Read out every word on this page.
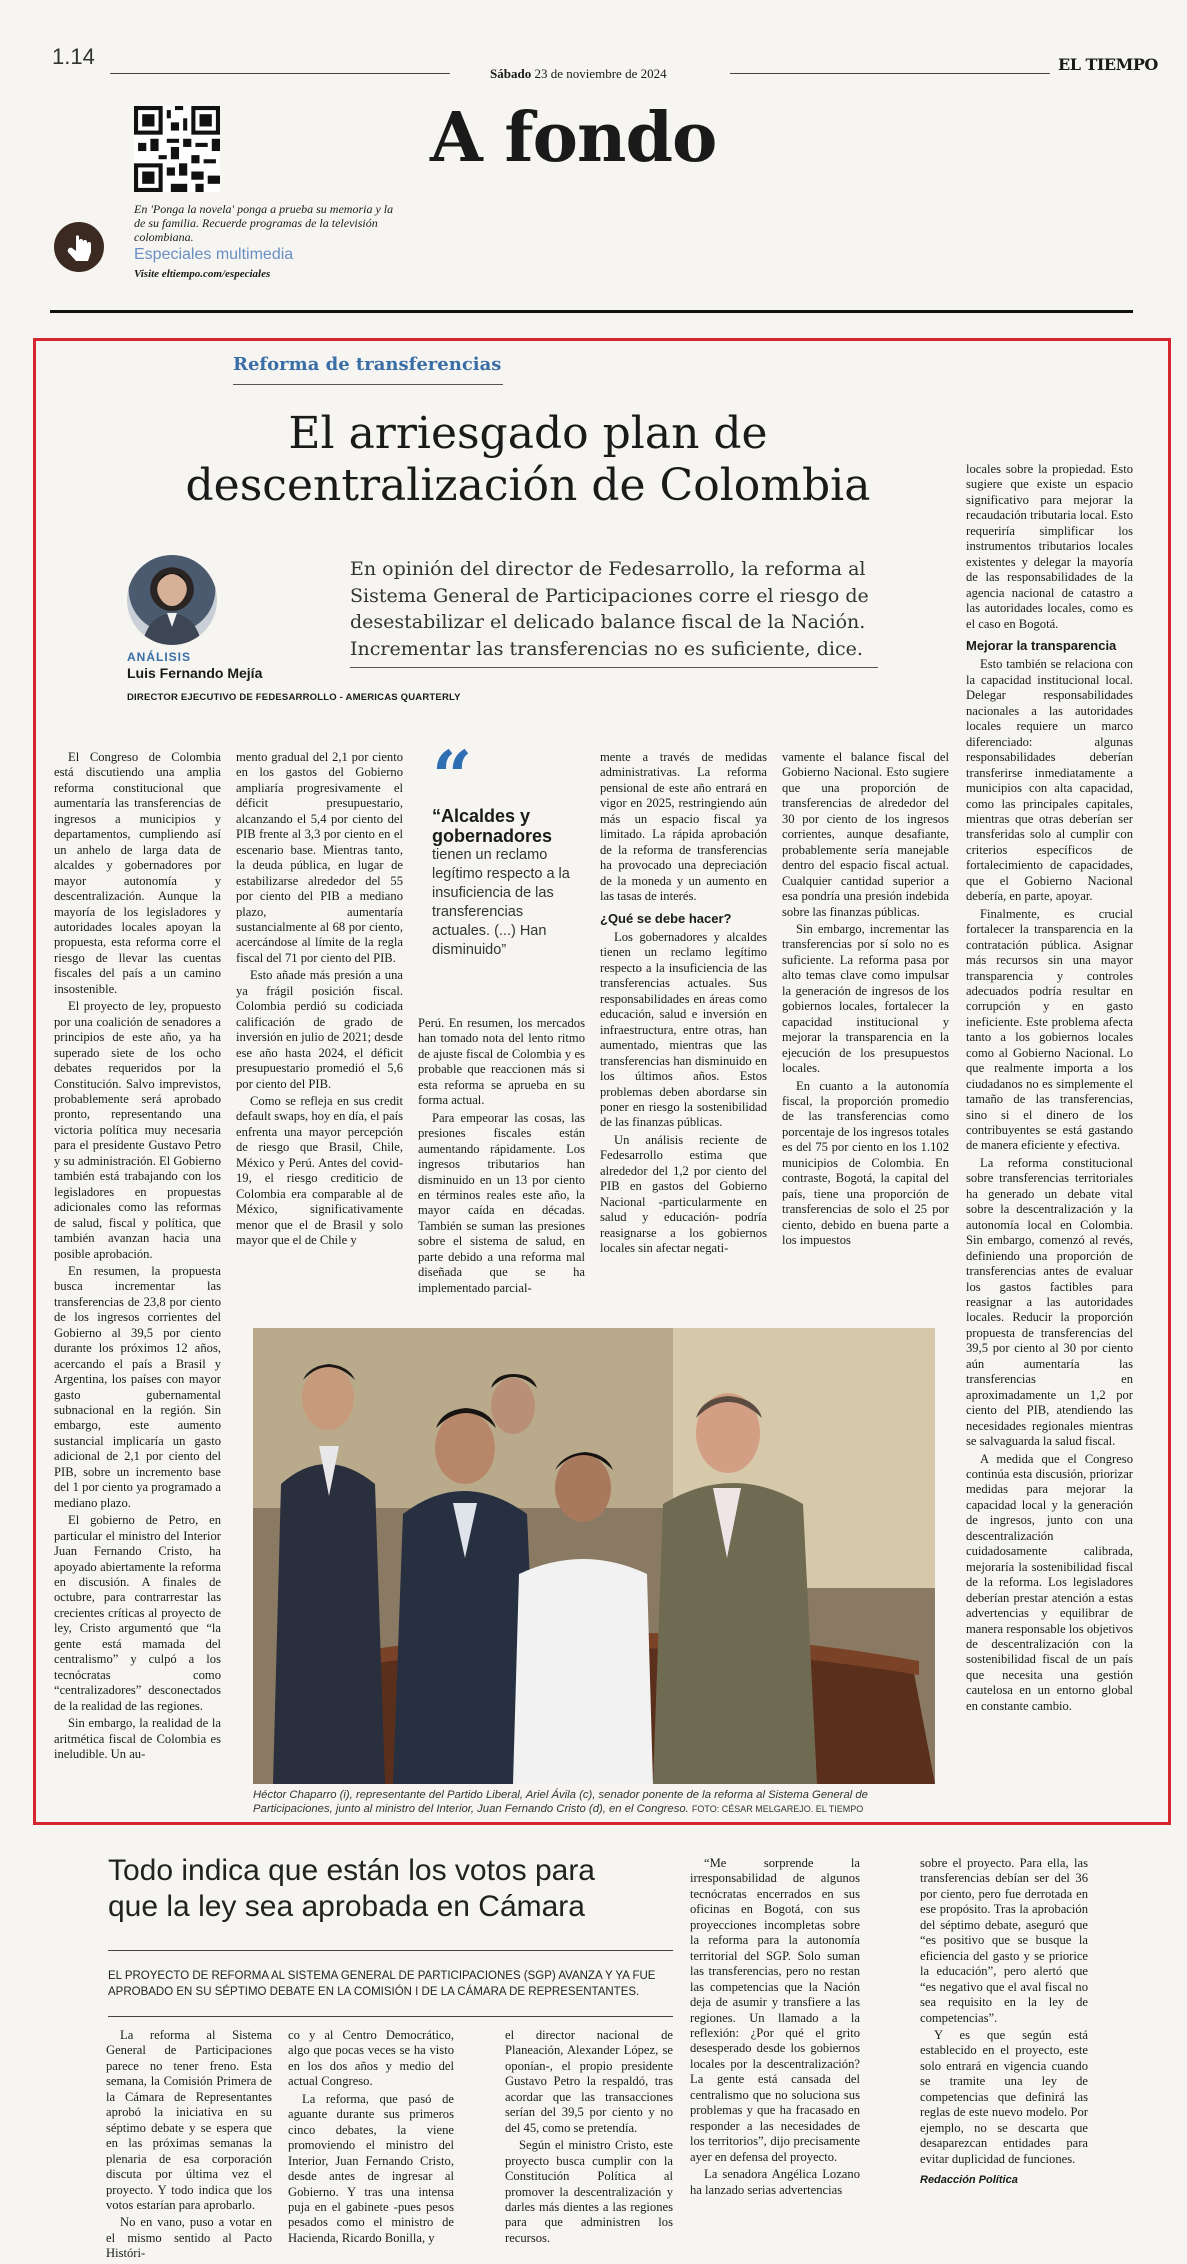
1.14
Sábado 23 de noviembre de 2024	EL TIEMPO
A fondo
En 'Ponga la novela' ponga a prueba su memoria y la de su familia. Recuerde programas de la televisión colombiana.
Especiales multimedia
Visite eltiempo.com/especiales
Reforma de transferencias
El arriesgado plan de
descentralización de Colombia
ANÁLISIS
Luis Fernando Mejía
En opinión del director de Fedesarrollo, la reforma al Sistema General de Participaciones corre el riesgo de desestabilizar el delicado balance fiscal de la Nación. Incrementar las transferencias no es suficiente, dice.
DIRECTOR EJECUTIVO DE FEDESARROLLO - AMERICAS QUARTERLY

El Congreso de Colombia está discutiendo una amplia reforma constitucional que aumentaría las transferencias de ingresos a municipios y departamentos, cumpliendo así un anhelo de larga data de alcaldes y gobernadores por mayor autonomía y descentralización. Aunque la mayoría de los legisladores y autoridades locales apoyan la propuesta, esta reforma corre el riesgo de llevar las cuentas fiscales del país a un camino insostenible.

El proyecto de ley, propuesto por una coalición de senadores a principios de este año, ya ha superado siete de los ocho debates requeridos por la Constitución. Salvo imprevistos, probablemente será aprobado pronto, representando una victoria política muy necesaria para el presidente Gustavo Petro y su administración. El Gobierno también está trabajando con los legisladores en propuestas adicionales como las reformas de salud, fiscal y política, que también avanzan hacia una posible aprobación.

En resumen, la propuesta busca incrementar las transferencias de 23,8 por ciento de los ingresos corrientes del Gobierno al 39,5 por ciento durante los próximos 12 años, acercando el país a Brasil y Argentina, los países con mayor gasto gubernamental subnacional en la región. Sin embargo, este aumento sustancial implicaría un gasto adicional de 2,1 por ciento del PIB, sobre un incremento base del 1 por ciento ya programado a mediano plazo.

El gobierno de Petro, en particular el ministro del Interior Juan Fernando Cristo, ha apoyado abiertamente la reforma en discusión. A finales de octubre, para contrarrestar las crecientes críticas al proyecto de ley, Cristo argumentó que “la gente está mamada del centralismo” y culpó a los tecnócratas como “centralizadores” desconectados de la realidad de las regiones.

Sin embargo, la realidad de la aritmética fiscal de Colombia es ineludible. Un au-

mento gradual del 2,1 por ciento en los gastos del Gobierno ampliaría progresivamente el déficit presupuestario, alcanzando el 5,4 por ciento del PIB frente al 3,3 por ciento en el escenario base. Mientras tanto, la deuda pública, en lugar de estabilizarse alrededor del 55 por ciento del PIB a mediano plazo, aumentaría sustancialmente al 68 por ciento, acercándose al límite de la regla fiscal del 71 por ciento del PIB.

Esto añade más presión a una ya frágil posición fiscal. Colombia perdió su codiciada calificación de grado de inversión en julio de 2021; desde ese año hasta 2024, el déficit presupuestario promedió el 5,6 por ciento del PIB.

Como se refleja en sus credit default swaps, hoy en día, el país enfrenta una mayor percepción de riesgo que Brasil, Chile, México y Perú. Antes del covid-19, el riesgo crediticio de Colombia era comparable al de México, significativamente menor que el de Brasil y solo mayor que el de Chile y

“
“Alcaldes y gobernadores
tienen un reclamo legítimo respecto a la insuficiencia de las transferencias actuales. (...) Han disminuido”

Perú. En resumen, los mercados han tomado nota del lento ritmo de ajuste fiscal de Colombia y es probable que reaccionen más si esta reforma se aprueba en su forma actual.

Para empeorar las cosas, las presiones fiscales están aumentando rápidamente. Los ingresos tributarios han disminuido en un 13 por ciento en términos reales este año, la mayor caída en décadas. También se suman las presiones sobre el sistema de salud, en parte debido a una reforma mal diseñada que se ha implementado parcial-

mente a través de medidas administrativas. La reforma pensional de este año entrará en vigor en 2025, restringiendo aún más un espacio fiscal ya limitado. La rápida aprobación de la reforma de transferencias ha provocado una depreciación de la moneda y un aumento en las tasas de interés.

¿Qué se debe hacer?

Los gobernadores y alcaldes tienen un reclamo legítimo respecto a la insuficiencia de las transferencias actuales. Sus responsabilidades en áreas como educación, salud e inversión en infraestructura, entre otras, han aumentado, mientras que las transferencias han disminuido en los últimos años. Estos problemas deben abordarse sin poner en riesgo la sostenibilidad de las finanzas públicas.

Un análisis reciente de Fedesarrollo estima que alrededor del 1,2 por ciento del PIB en gastos del Gobierno Nacional -particularmente en salud y educación- podría reasignarse a los gobiernos locales sin afectar negati-

vamente el balance fiscal del Gobierno Nacional. Esto sugiere que una proporción de transferencias de alrededor del 30 por ciento de los ingresos corrientes, aunque desafiante, probablemente sería manejable dentro del espacio fiscal actual. Cualquier cantidad superior a esa pondría una presión indebida sobre las finanzas públicas.

Sin embargo, incrementar las transferencias por sí solo no es suficiente. La reforma pasa por alto temas clave como impulsar la generación de ingresos de los gobiernos locales, fortalecer la capacidad institucional y mejorar la transparencia en la ejecución de los presupuestos locales.

En cuanto a la autonomía fiscal, la proporción promedio de las transferencias como porcentaje de los ingresos totales es del 75 por ciento en los 1.102 municipios de Colombia. En contraste, Bogotá, la capital del país, tiene una proporción de transferencias de solo el 25 por ciento, debido en buena parte a los impuestos

locales sobre la propiedad. Esto sugiere que existe un espacio significativo para mejorar la recaudación tributaria local. Esto requeriría simplificar los instrumentos tributarios locales existentes y delegar la mayoría de las responsabilidades de la agencia nacional de catastro a las autoridades locales, como es el caso en Bogotá.

Mejorar la transparencia

Esto también se relaciona con la capacidad institucional local. Delegar responsabilidades nacionales a las autoridades locales requiere un marco diferenciado: algunas responsabilidades deberían transferirse inmediatamente a municipios con alta capacidad, como las principales capitales, mientras que otras deberían ser transferidas solo al cumplir con criterios específicos de fortalecimiento de capacidades, que el Gobierno Nacional debería, en parte, apoyar.

Finalmente, es crucial fortalecer la transparencia en la contratación pública. Asignar más recursos sin una mayor transparencia y controles adecuados podría resultar en corrupción y en gasto ineficiente. Este problema afecta tanto a los gobiernos locales como al Gobierno Nacional. Lo que realmente importa a los ciudadanos no es simplemente el tamaño de las transferencias, sino si el dinero de los contribuyentes se está gastando de manera eficiente y efectiva.

La reforma constitucional sobre transferencias territoriales ha generado un debate vital sobre la descentralización y la autonomía local en Colombia. Sin embargo, comenzó al revés, definiendo una proporción de transferencias antes de evaluar los gastos factibles para reasignar a las autoridades locales. Reducir la proporción propuesta de transferencias del 39,5 por ciento al 30 por ciento aún aumentaría las transferencias en aproximadamente un 1,2 por ciento del PIB, atendiendo las necesidades regionales mientras se salvaguarda la salud fiscal.

A medida que el Congreso continúa esta discusión, priorizar medidas para mejorar la capacidad local y la generación de ingresos, junto con una descentralización cuidadosamente calibrada, mejoraría la sostenibilidad fiscal de la reforma. Los legisladores deberían prestar atención a estas advertencias y equilibrar de manera responsable los objetivos de descentralización con la sostenibilidad fiscal de un país que necesita una gestión cautelosa en un entorno global en constante cambio.

Héctor Chaparro (i), representante del Partido Liberal, Ariel Ávila (c), senador ponente de la reforma al Sistema General de Participaciones, junto al ministro del Interior, Juan Fernando Cristo (d), en el Congreso. FOTO: CÉSAR MELGAREJO. EL TIEMPO
Todo indica que están los votos para
que la ley sea aprobada en Cámara
EL PROYECTO DE REFORMA AL SISTEMA GENERAL DE PARTICIPACIONES (SGP) AVANZA Y YA FUE APROBADO EN SU SÉPTIMO DEBATE EN LA COMISIÓN I DE LA CÁMARA DE REPRESENTANTES.

La reforma al Sistema General de Participaciones parece no tener freno. Esta semana, la Comisión Primera de la Cámara de Representantes aprobó la iniciativa en su séptimo debate y se espera que en las próximas semanas la plenaria de esa corporación discuta por última vez el proyecto. Y todo indica que los votos estarían para aprobarlo.

No en vano, puso a votar en el mismo sentido al Pacto Históri-

co y al Centro Democrático, algo que pocas veces se ha visto en los dos años y medio del actual Congreso.

La reforma, que pasó de aguante durante sus primeros cinco debates, la viene promoviendo el ministro del Interior, Juan Fernando Cristo, desde antes de ingresar al Gobierno. Y tras una intensa puja en el gabinete -pues pesos pesados como el ministro de Hacienda, Ricardo Bonilla, y

el director nacional de Planeación, Alexander López, se oponían-, el propio presidente Gustavo Petro la respaldó, tras acordar que las transacciones serían del 39,5 por ciento y no del 45, como se pretendía.

Según el ministro Cristo, este proyecto busca cumplir con la Constitución Política al promover la descentralización y darles más dientes a las regiones para que administren los recursos.

“Me sorprende la irresponsabilidad de algunos tecnócratas encerrados en sus oficinas en Bogotá, con sus proyecciones incompletas sobre la reforma para la autonomía territorial del SGP. Solo suman las transferencias, pero no restan las competencias que la Nación deja de asumir y transfiere a las regiones. Un llamado a la reflexión: ¿Por qué el grito desesperado desde los gobiernos locales por la descentralización? La gente está cansada del centralismo que no soluciona sus problemas y que ha fracasado en responder a las necesidades de los territorios”, dijo precisamente ayer en defensa del proyecto.

La senadora Angélica Lozano ha lanzado serias advertencias

sobre el proyecto. Para ella, las transferencias debían ser del 36 por ciento, pero fue derrotada en ese propósito. Tras la aprobación del séptimo debate, aseguró que “es positivo que se busque la eficiencia del gasto y se priorice la educación”, pero alertó que “es negativo que el aval fiscal no sea requisito en la ley de competencias”.

Y es que según está establecido en el proyecto, este solo entrará en vigencia cuando se tramite una ley de competencias que definirá las reglas de este nuevo modelo. Por ejemplo, no se descarta que desaparezcan entidades para evitar duplicidad de funciones.

Redacción Política
